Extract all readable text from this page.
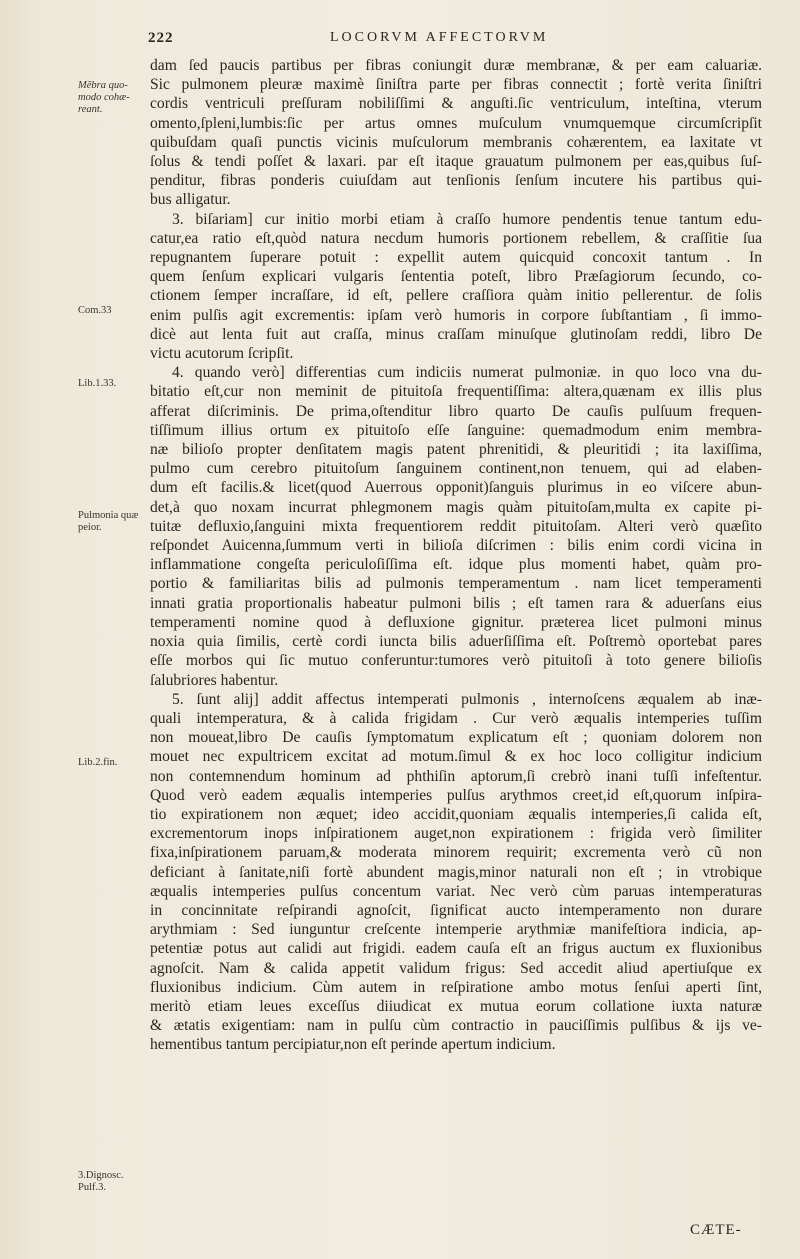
222	LOCORVM AFFECTORVM
Mẽbra quo-modo cohæ-reant.
Com.33
Lib.1.33.
Pulmonia quæ peior.
Lib.2.fin.
3.Dignosc. Pulf.3.

dam ſed paucis partibus per fibras coniungit duræ membranæ, & per eam caluariæ.
Sic pulmonem pleuræ maximè ſiniſtra parte per fibras connectit ; fortè verita ſiniſtri
cordis ventriculi preſſuram nobiliſſimi & anguſti.ſic ventriculum, inteſtina, vterum
omento,ſpleni,lumbis:ſic per artus omnes muſculum vnumquemque circumſcripſit
quibuſdam quaſi punctis vicinis muſculorum membranis cohærentem, ea laxitate vt
ſolus & tendi poſſet & laxari. par eſt itaque grauatum pulmonem per eas,quibus ſuſ-
penditur, fibras ponderis cuiuſdam aut tenſionis ſenſum incutere his partibus qui-
bus alligatur.

3. biſariam] cur initio morbi etiam à craſſo humore pendentis tenue tantum edu-
catur,ea ratio eſt,quòd natura necdum humoris portionem rebellem, & craſſitie ſua
repugnantem ſuperare potuit : expellit autem quicquid concoxit tantum . In
quem ſenſum explicari vulgaris ſententia poteſt, libro Præſagiorum ſecundo, co-
ctionem ſemper incraſſare, id eſt, pellere craſſiora quàm initio pellerentur. de ſolis
enim pulſis agit excrementis: ipſam verò humoris in corpore ſubſtantiam , ſi immo-
dicè aut lenta fuit aut craſſa, minus craſſam minuſque glutinoſam reddi, libro De
victu acutorum ſcripſit.

4. quando verò] differentias cum indiciis numerat pulmoniæ. in quo loco vna du-
bitatio eſt,cur non meminit de pituitoſa frequentiſſima: altera,quænam ex illis plus
afferat diſcriminis. De prima,oſtenditur libro quarto De cauſis pulſuum frequen-
tiſſimum illius ortum ex pituitoſo eſſe ſanguine: quemadmodum enim membra-
næ bilioſo propter denſitatem magis patent phrenitidi, & pleuritidi ; ita laxiſſima,
pulmo cum cerebro pituitoſum ſanguinem continent,non tenuem, qui ad elaben-
dum eſt facilis.& licet(quod Auerrous opponit)ſanguis plurimus in eo viſcere abun-
det,à quo noxam incurrat phlegmonem magis quàm pituitoſam,multa ex capite pi-
tuitæ defluxio,ſanguini mixta frequentiorem reddit pituitoſam. Alteri verò quæſito
reſpondet Auicenna,ſummum verti in bilioſa diſcrimen : bilis enim cordi vicina in
inflammatione congeſta periculoſiſſima eſt. idque plus momenti habet, quàm pro-
portio & familiaritas bilis ad pulmonis temperamentum . nam licet temperamenti
innati gratia proportionalis habeatur pulmoni bilis ; eſt tamen rara & aduerſans eius
temperamenti nomine quod à defluxione gignitur. præterea licet pulmoni minus
noxia quia ſimilis, certè cordi iuncta bilis aduerſiſſima eſt. Poſtremò oportebat pares
eſſe morbos qui ſic mutuo conferuntur:tumores verò pituitoſi à toto genere bilioſis
ſalubriores habentur.

5. ſunt alij] addit affectus intemperati pulmonis , internoſcens æqualem ab inæ-
quali intemperatura, & à calida frigidam . Cur verò æqualis intemperies tuſſim
non moueat,libro De cauſis ſymptomatum explicatum eſt ; quoniam dolorem non
mouet nec expultricem excitat ad motum.ſimul & ex hoc loco colligitur indicium
non contemnendum hominum ad phthiſin aptorum,ſi crebrò inani tuſſi infeſtentur.
Quod verò eadem æqualis intemperies pulſus arythmos creet,id eſt,quorum inſpira-
tio expirationem non æquet; ideo accidit,quoniam æqualis intemperies,ſi calida eſt,
excrementorum inops inſpirationem auget,non expirationem : frigida verò ſimiliter
fixa,inſpirationem paruam,& moderata minorem requirit; excrementa verò cũ non
deficiant à ſanitate,niſi fortè abundent magis,minor naturali non eſt ; in vtrobique
æqualis intemperies pulſus concentum variat. Nec verò cùm paruas intemperaturas
in concinnitate reſpirandi agnoſcit, ſignificat aucto intemperamento non durare
arythmiam : Sed iunguntur creſcente intemperie arythmiæ manifeſtiora indicia, ap-
petentiæ potus aut calidi aut frigidi. eadem cauſa eſt an frigus auctum ex fluxionibus
agnoſcit. Nam & calida appetit validum frigus: Sed accedit aliud apertiuſque ex
fluxionibus indicium. Cùm autem in reſpiratione ambo motus ſenſui aperti ſint,
meritò etiam leues exceſſus diiudicat ex mutua eorum collatione iuxta naturæ
& ætatis exigentiam: nam in pulſu cùm contractio in pauciſſimis pulſibus & ijs ve-
hementibus tantum percipiatur,non eſt perinde apertum indicium.

CÆTE-
